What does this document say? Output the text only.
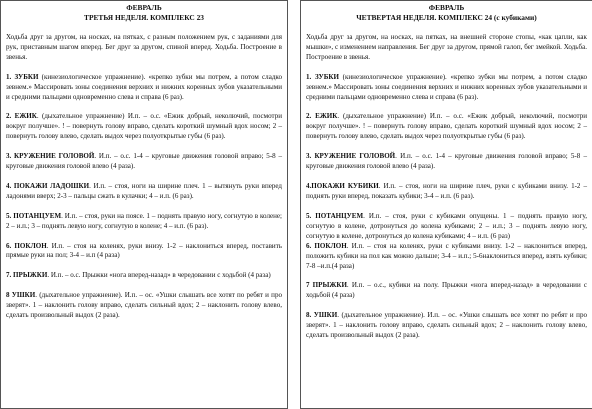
ФЕВРАЛЬ
ТРЕТЬЯ НЕДЕЛЯ. КОМПЛЕКС 23
Ходьба друг за другом, на носках, на пятках, с разным положением рук, с заданиями для рук, приставным шагом вперед. Бег друг за другом, спиной вперед. Ходьба. Построение в звенья.
1. ЗУБКИ (кинезиологическое упражнение). «крепко зубки мы потрем, а потом сладко зевнем.» Массировать зоны соединения верхних и нижних коренных зубов указательными и средними пальцами одновременно слева и справа (6 раз).
2. ЕЖИК. (дыхательное упражнение) И.п. – о.с. «Ежик добрый, неколючий, посмотри вокруг получше». ! – повернуть голову вправо, сделать короткий шумный вдох носом; 2 – повернуть голову влево, сделать выдох через полуоткрытые губы (6 раз).
3. КРУЖЕНИЕ ГОЛОВОЙ. И.п. – о.с. 1-4 – круговые движения головой вправо; 5-8 – круговые движения головой влево (4 раза).
4. ПОКАЖИ ЛАДОШКИ. И.п. – стоя, ноги на ширине плеч. 1 – вытянуть руки вперед ладонями вверх; 2-3 – пальцы сжать в кулачки; 4 – и.п. (6 раз).
5. ПОТАНЦУЕМ. И.п. – стоя, руки на поясе. 1 – поднять правую ногу, согнутую в колене; 2 – и.п.; 3 – поднять левую ногу, согнутую в колене; 4 – и.п. (6 раз).
6. ПОКЛОН. И.п. – стоя на коленях, руки внизу. 1-2 – наклониться вперед, поставить прямые руки на пол; 3-4 – и.п (4 раза)
7. ПРЫЖКИ. И.п. – о.с. Прыжки «нога вперед-назад» в чередовании с ходьбой (4 раза)
8 УШКИ. (дыхательное упражнение). И.п. – ос. «Ушки слышать все хотят по ребят и про зверят». 1 – наклонить голову вправо, сделать сильный вдох; 2 – наклонить голову влево, сделать произвольный выдох (2 раза).
ФЕВРАЛЬ
ЧЕТВЕРТАЯ НЕДЕЛЯ. КОМПЛЕКС 24 (с кубиками)
Ходьба друг за другом, на носках, на пятках, на внешней стороне стопы, «как цапли, как мышки», с изменением направления. Бег друг за другом, прямой галоп, бег змейкой. Ходьба. Построение в звенья.
1. ЗУБКИ (кинезиологическое упражнение). «крепко зубки мы потрем, а потом сладко зевнем.» Массировать зоны соединения верхних и нижних коренных зубов указательными и средними пальцами одновременно слева и справа (6 раз).
2. ЕЖИК. (дыхательное упражнение) И.п. – о.с. «Ежик добрый, неколючий, посмотри вокруг получше». ! – повернуть голову вправо, сделать короткий шумный вдох носом; 2 – повернуть голову влево, сделать выдох через полуоткрытые губы (6 раз).
3. КРУЖЕНИЕ ГОЛОВОЙ. И.п. – о.с. 1-4 – круговые движения головой вправо; 5-8 – круговые движения головой влево (4 раза).
4.ПОКАЖИ КУБИКИ. И.п. – стоя, ноги на ширине плеч, руки с кубиками внизу. 1-2 – поднять руки вперед, показать кубики; 3-4 – и.п. (6 раз).
5. ПОТАНЦУЕМ. И.п. – стоя, руки с кубиками опущены. 1 – поднять правую ногу, согнутую в колене, дотронуться до колена кубиками; 2 – и.п.; 3 – поднять левую ногу, согнутую в колене, дотронуться до колена кубиками; 4 – и.п. (6 раз)
6. ПОКЛОН. И.п. – стоя на коленях, руки с кубиками внизу. 1-2 – наклониться вперед, положить кубики на пол как можно дальше; 3-4 – и.п.; 5-6наклониться вперед, взять кубики; 7-8 –и.п.(4 раза)
7 ПРЫЖКИ. И.п. – о.с., кубики на полу. Прыжки «нога вперед-назад» в чередовании с ходьбой (4 раза)
8. УШКИ. (дыхательное упражнение). И.п. – ос. «Ушки слышать все хотят по ребят и про зверят». 1 – наклонить голову вправо, сделать сильный вдох; 2 – наклонить голову влево, сделать произвольный выдох (2 раза).
